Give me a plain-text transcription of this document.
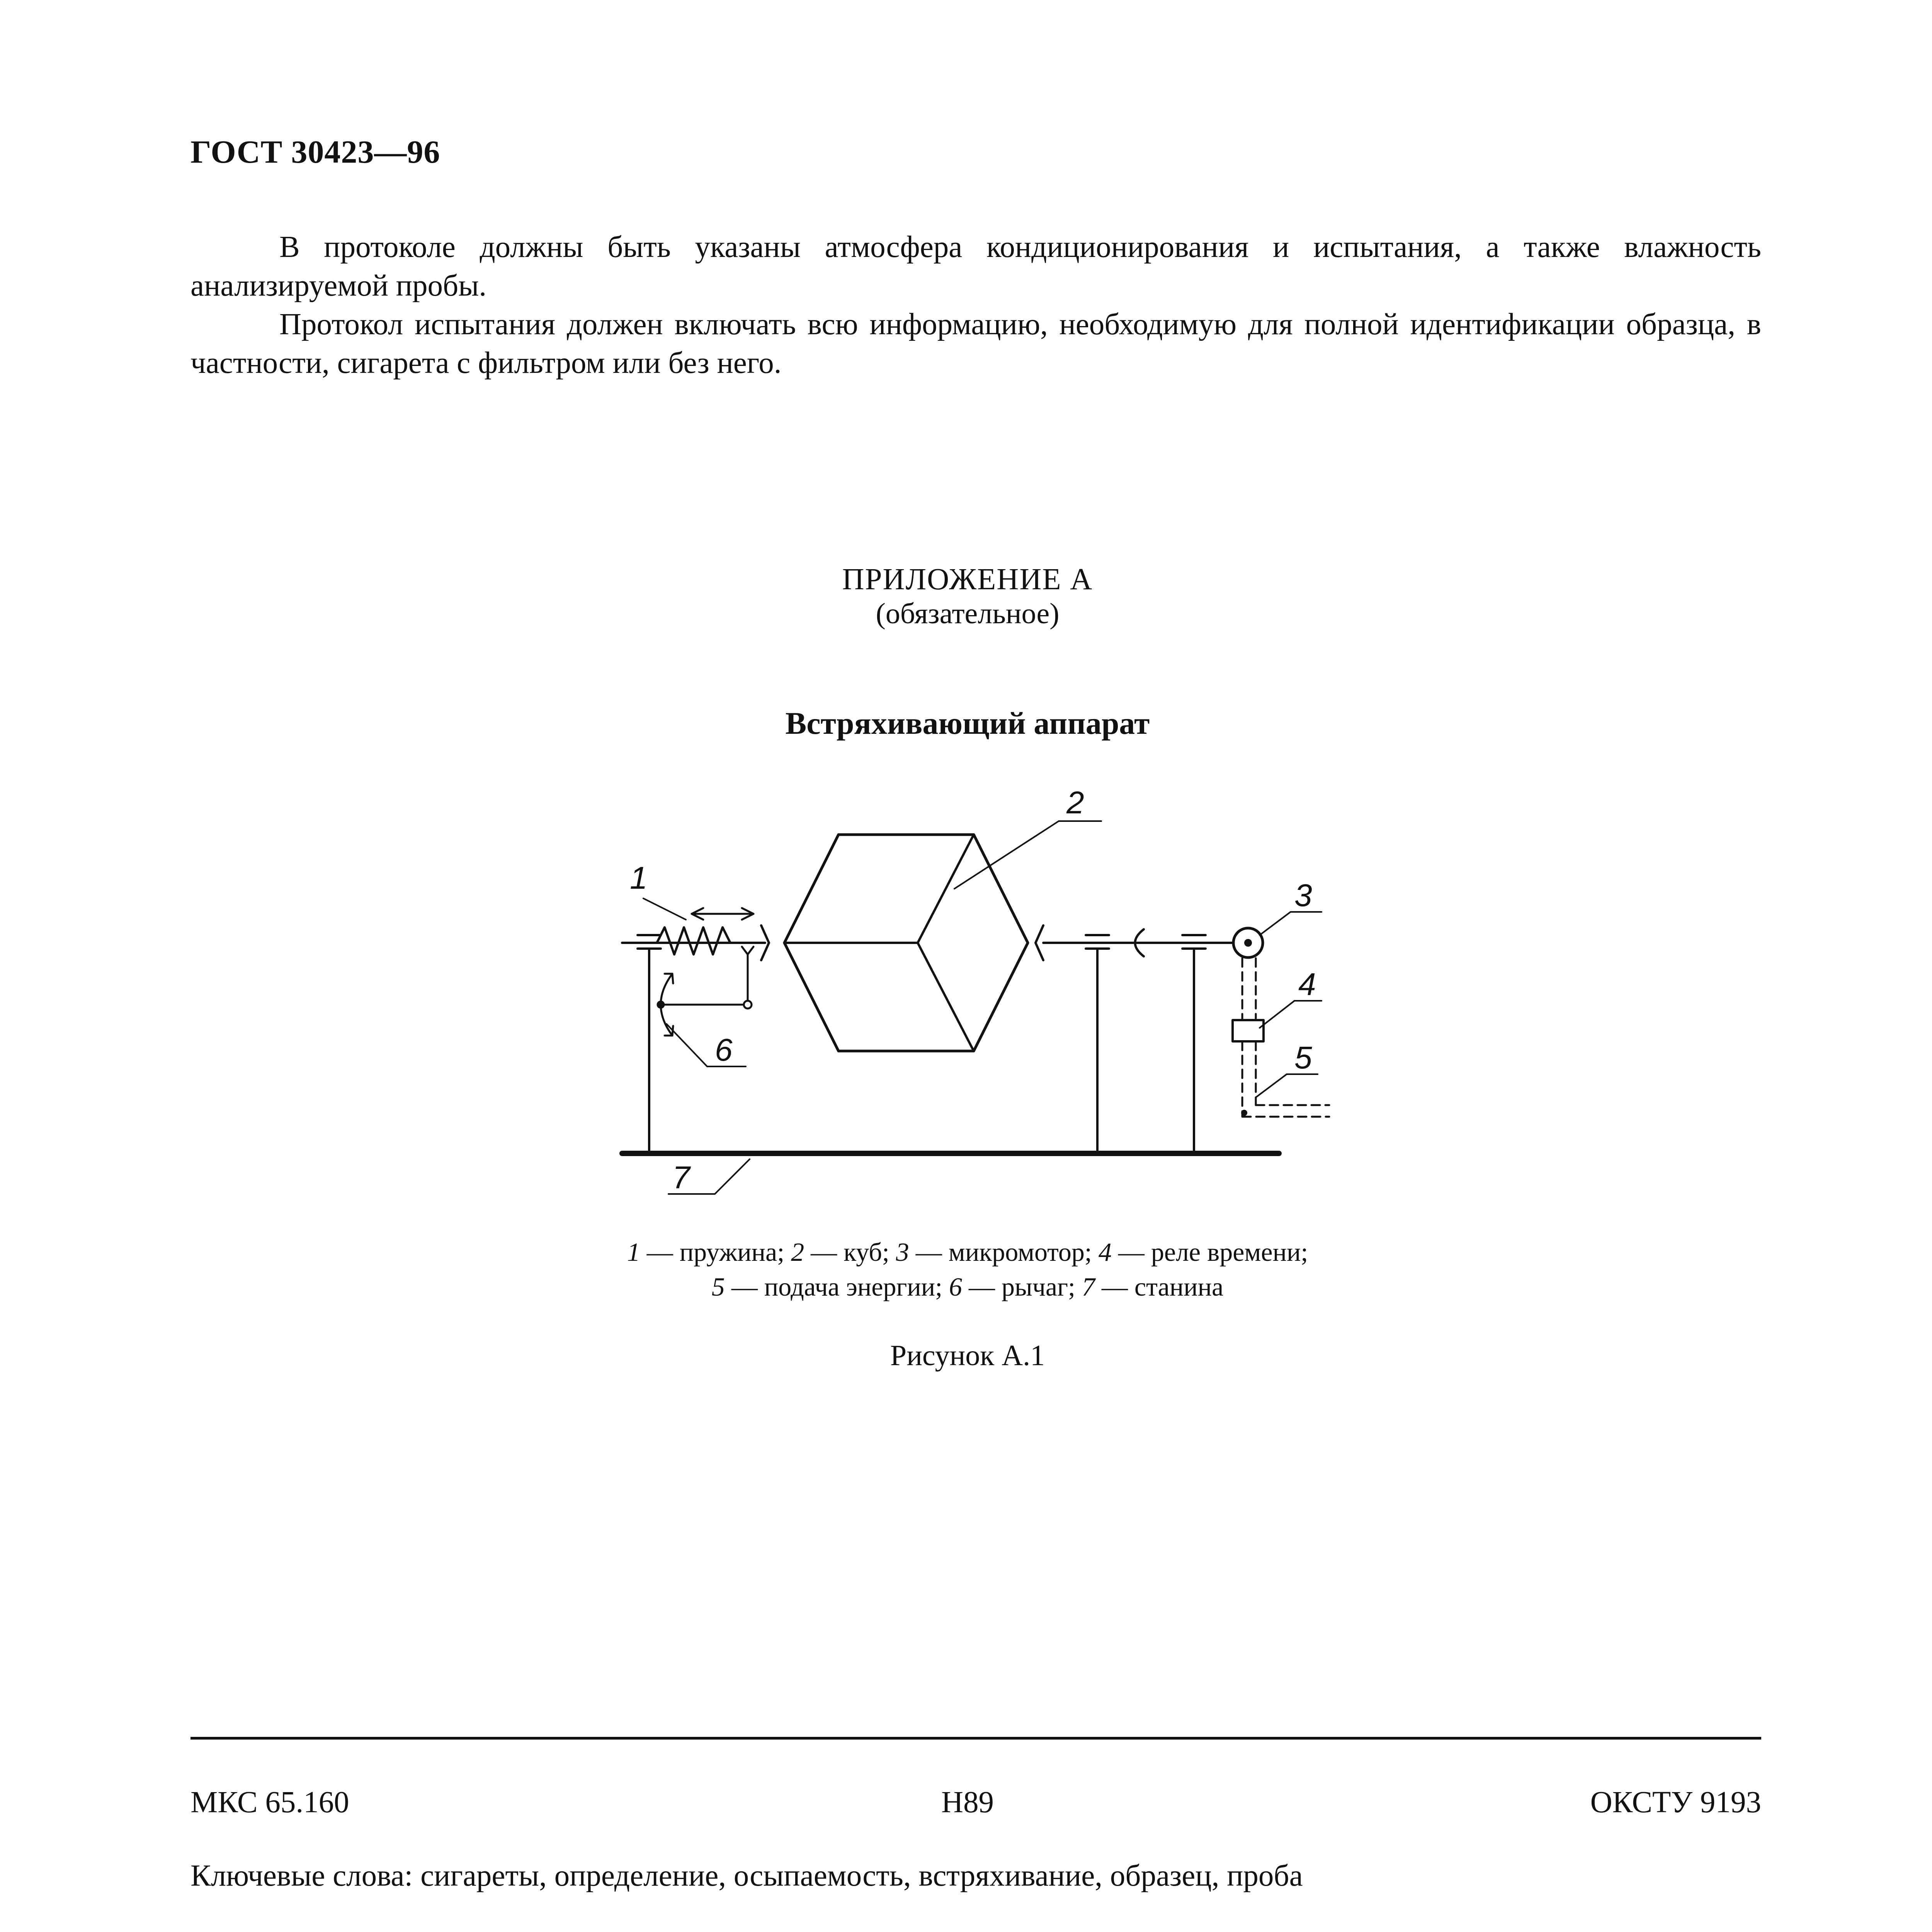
ГОСТ 30423—96
В протоколе должны быть указаны атмосфера кондиционирования и испытания, а также влажность анализируемой пробы.
Протокол испытания должен включать всю информацию, необходимую для полной идентификации образца, в частности, сигарета с фильтром или без него.
ПРИЛОЖЕНИЕ А
(обязательное)
Встряхивающий аппарат
1
2
3
4
5
6
7
1 — пружина; 2 — куб; 3 — микромотор; 4 — реле времени;
5 — подача энергии; 6 — рычаг; 7 — станина
Рисунок А.1
МКС 65.160	Н89	ОКСТУ 9193
Ключевые слова: сигареты, определение, осыпаемость, встряхивание, образец, проба
